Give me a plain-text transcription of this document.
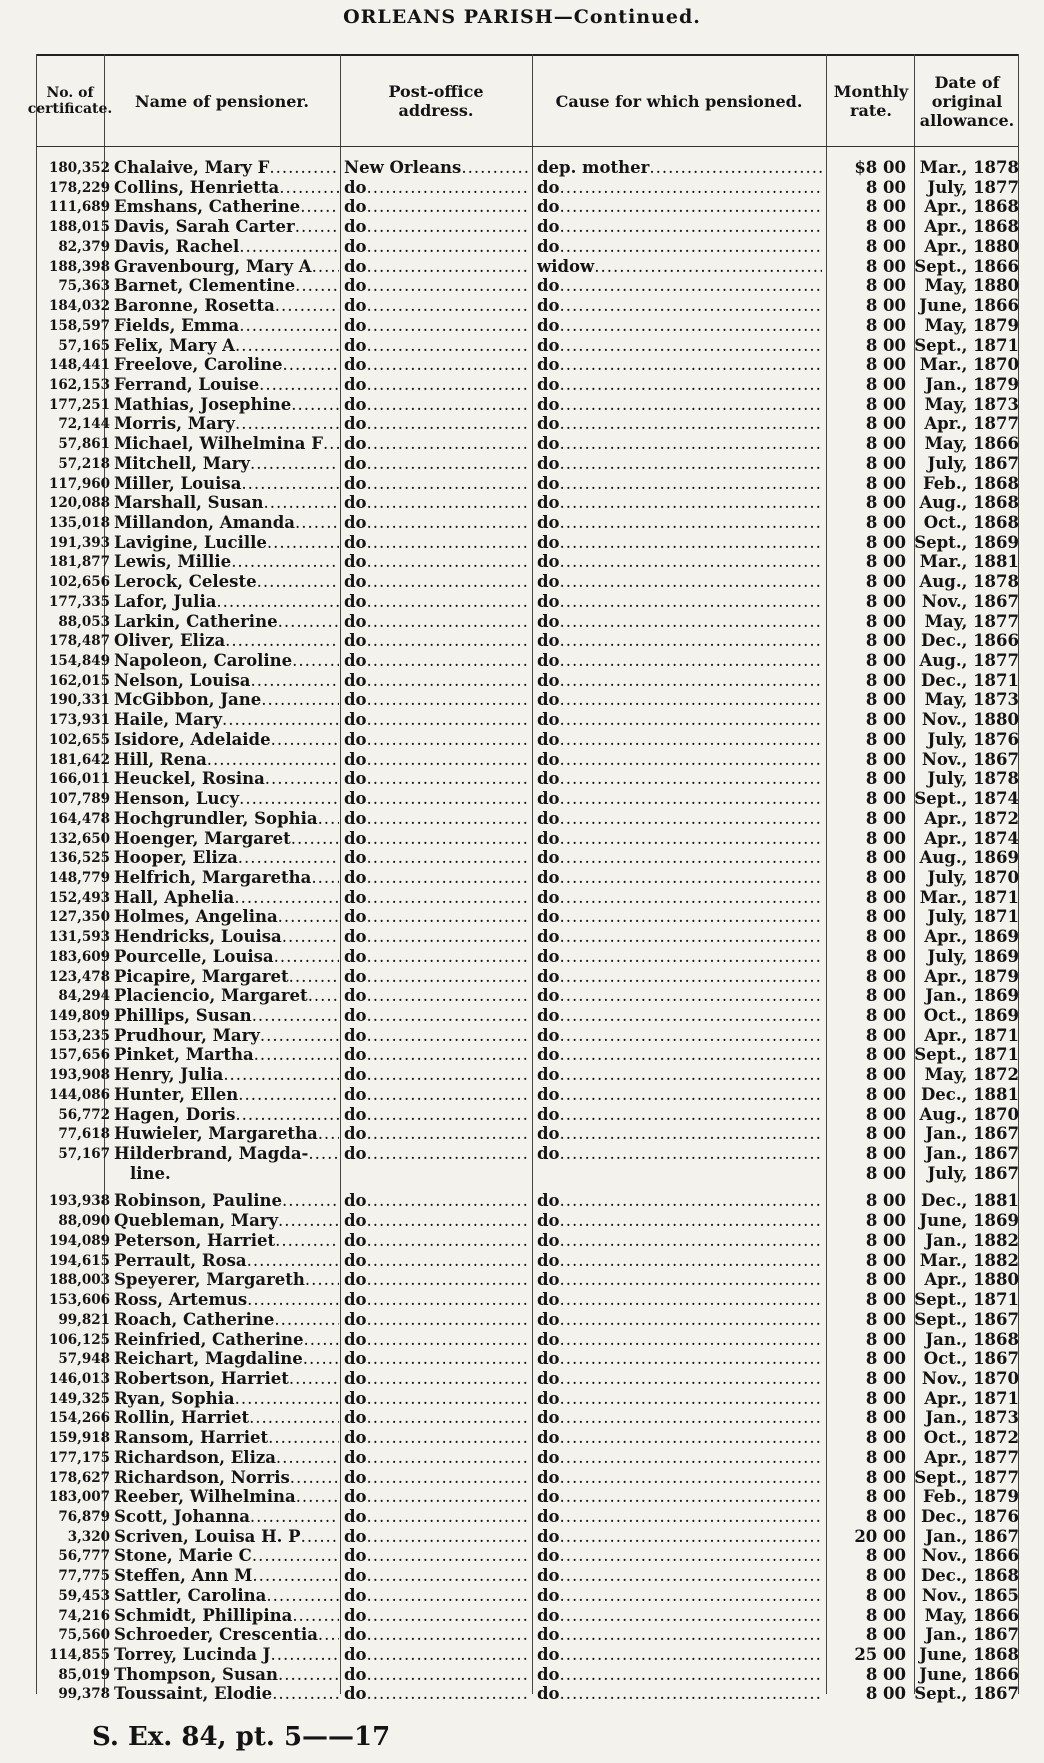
ORLEANS PARISH—Continued.
No. of certificate.	Name of pensioner.	Post-office address.	Cause for which pensioned.	Monthly rate.
Date of original allowance.
180,352 Chalaive, Mary F .....	New Orleans .....	dep. mother .....	$8 00 Mar., 1878
178,229 Collins, Henrietta .....	do .....	do .....	8 00	July, 1877
111,689 Emshans, Catherine .....	do .....	do .....	8 00	Apr., 1868
188,015 Davis, Sarah Carter .....	do .....	do .....	8 00	Apr., 1868
82,379 Davis, Rachel .....	do .....	do .....	8 00	Apr., 1880
188,398 Gravenbourg, Mary A .....	do .....	widow .....	8 00 Sept., 1866
75,363 Barnet, Clementine .....	do .....	do .....	8 00	May, 1880
184,032 Baronne, Rosetta .....	do .....	do .....	8 00 June, 1866
158,597 Fields, Emma .....	do .....	do .....	8 00	May, 1879
57,165 Felix, Mary A .....	do .....	do .....	8 00 Sept., 1871
148,441 Freelove, Caroline .....	do .....	do .....	8 00 Mar., 1870
162,153 Ferrand, Louise .....	do .....	do .....	8 00	Jan., 1879
177,251 Mathias, Josephine .....	do .....	do .....	8 00	May, 1873
72,144 Morris, Mary .....	do .....	do .....	8 00	Apr., 1877
57,861 Michael, Wilhelmina F .....	do .....	do .....	8 00	May, 1866
57,218 Mitchell, Mary .....	do .....	do .....	8 00	July, 1867
117,960 Miller, Louisa .....	do .....	do .....	8 00	Feb., 1868
120,088 Marshall, Susan .....	do .....	do .....	8 00 Aug., 1868
135,018 Millandon, Amanda .....	do .....	do .....	8 00	Oct., 1868
191,393 Lavigine, Lucille .....	do .....	do .....	8 00 Sept., 1869
181,877 Lewis, Millie .....	do .....	do .....	8 00 Mar., 1881
102,656 Lerock, Celeste .....	do .....	do .....	8 00 Aug., 1878
177,335 Lafor, Julia .....	do .....	do .....	8 00 Nov., 1867
88,053 Larkin, Catherine .....	do .....	do .....	8 00	May, 1877
178,487 Oliver, Eliza .....	do .....	do .....	8 00 Dec., 1866
154,849 Napoleon, Caroline .....	do .....	do .....	8 00 Aug., 1877
162,015 Nelson, Louisa .....	do .....	do .....	8 00 Dec., 1871
190,331 McGibbon, Jane .....	do .....	do .....	8 00	May, 1873
173,931 Haile, Mary .....	do .....	do .....	8 00 Nov., 1880
102,655 Isidore, Adelaide .....	do .....	do .....	8 00	July, 1876
181,642 Hill, Rena .....	do .....	do .....	8 00 Nov., 1867
166,011 Heuckel, Rosina .....	do .....	do .....	8 00	July, 1878
107,789 Henson, Lucy .....	do .....	do .....	8 00 Sept., 1874
164,478 Hochgrundler, Sophia .....	do .....	do .....	8 00	Apr., 1872
132,650 Hoenger, Margaret .....	do .....	do .....	8 00	Apr., 1874
136,525 Hooper, Eliza .....	do .....	do .....	8 00 Aug., 1869
148,779 Helfrich, Margaretha .....	do .....	do .....	8 00	July, 1870
152,493 Hall, Aphelia .....	do .....	do .....	8 00 Mar., 1871
127,350 Holmes, Angelina .....	do .....	do .....	8 00	July, 1871
131,593 Hendricks, Louisa .....	do .....	do .....	8 00	Apr., 1869
183,609 Pourcelle, Louisa .....	do .....	do .....	8 00	July, 1869
123,478 Picapire, Margaret .....	do .....	do .....	8 00	Apr., 1879
84,294 Placiencio, Margaret .....	do .....	do .....	8 00	Jan., 1869
149,809 Phillips, Susan .....	do .....	do .....	8 00	Oct., 1869
153,235 Prudhour, Mary .....	do .....	do .....	8 00	Apr., 1871
157,656 Pinket, Martha .....	do .....	do .....	8 00 Sept., 1871
193,908 Henry, Julia .....	do .....	do .....	8 00	May, 1872
144,086 Hunter, Ellen .....	do .....	do .....	8 00 Dec., 1881
56,772 Hagen, Doris .....	do .....	do .....	8 00 Aug., 1870
77,618 Huwieler, Margaretha .....	do .....	do .....	8 00	Jan., 1867
57,167 Hilderbrand, Magda- .....	do .....	do .....	8 00	Jan., 1867
line.	8 00	July, 1867
193,938 Robinson, Pauline .....	do .....	do .....	8 00 Dec., 1881
88,090 Quebleman, Mary .....	do .....	do .....	8 00 June, 1869
194,089 Peterson, Harriet .....	do .....	do .....	8 00	Jan., 1882
194,615 Perrault, Rosa .....	do .....	do .....	8 00 Mar., 1882
188,003 Speyerer, Margareth .....	do .....	do .....	8 00	Apr., 1880
153,606 Ross, Artemus .....	do .....	do .....	8 00 Sept., 1871
99,821 Roach, Catherine .....	do .....	do .....	8 00 Sept., 1867
106,125 Reinfried, Catherine .....	do .....	do .....	8 00	Jan., 1868
57,948 Reichart, Magdaline .....	do .....	do .....	8 00	Oct., 1867
146,013 Robertson, Harriet .....	do .....	do .....	8 00 Nov., 1870
149,325 Ryan, Sophia .....	do .....	do .....	8 00	Apr., 1871
154,266 Rollin, Harriet .....	do .....	do .....	8 00	Jan., 1873
159,918 Ransom, Harriet .....	do .....	do .....	8 00	Oct., 1872
177,175 Richardson, Eliza .....	do .....	do .....	8 00	Apr., 1877
178,627 Richardson, Norris .....	do .....	do .....	8 00 Sept., 1877
183,007 Reeber, Wilhelmina .....	do .....	do .....	8 00	Feb., 1879
76,879 Scott, Johanna .....	do .....	do .....	8 00 Dec., 1876
3,320 Scriven, Louisa H. P .....	do .....	do .....	20 00	Jan., 1867
56,777 Stone, Marie C .....	do .....	do .....	8 00 Nov., 1866
77,775 Steffen, Ann M .....	do .....	do .....	8 00 Dec., 1868
59,453 Sattler, Carolina .....	do .....	do .....	8 00 Nov., 1865
74,216 Schmidt, Phillipina .....	do .....	do .....	8 00	May, 1866
75,560 Schroeder, Crescentia .....	do .....	do .....	8 00	Jan., 1867
114,855 Torrey, Lucinda J .....	do .....	do .....	25 00 June, 1868
85,019 Thompson, Susan .....	do .....	do .....	8 00 June, 1866
99,378 Toussaint, Elodie .....	do .....	do .....	8 00 Sept., 1867
S. Ex. 84, pt. 5——17
